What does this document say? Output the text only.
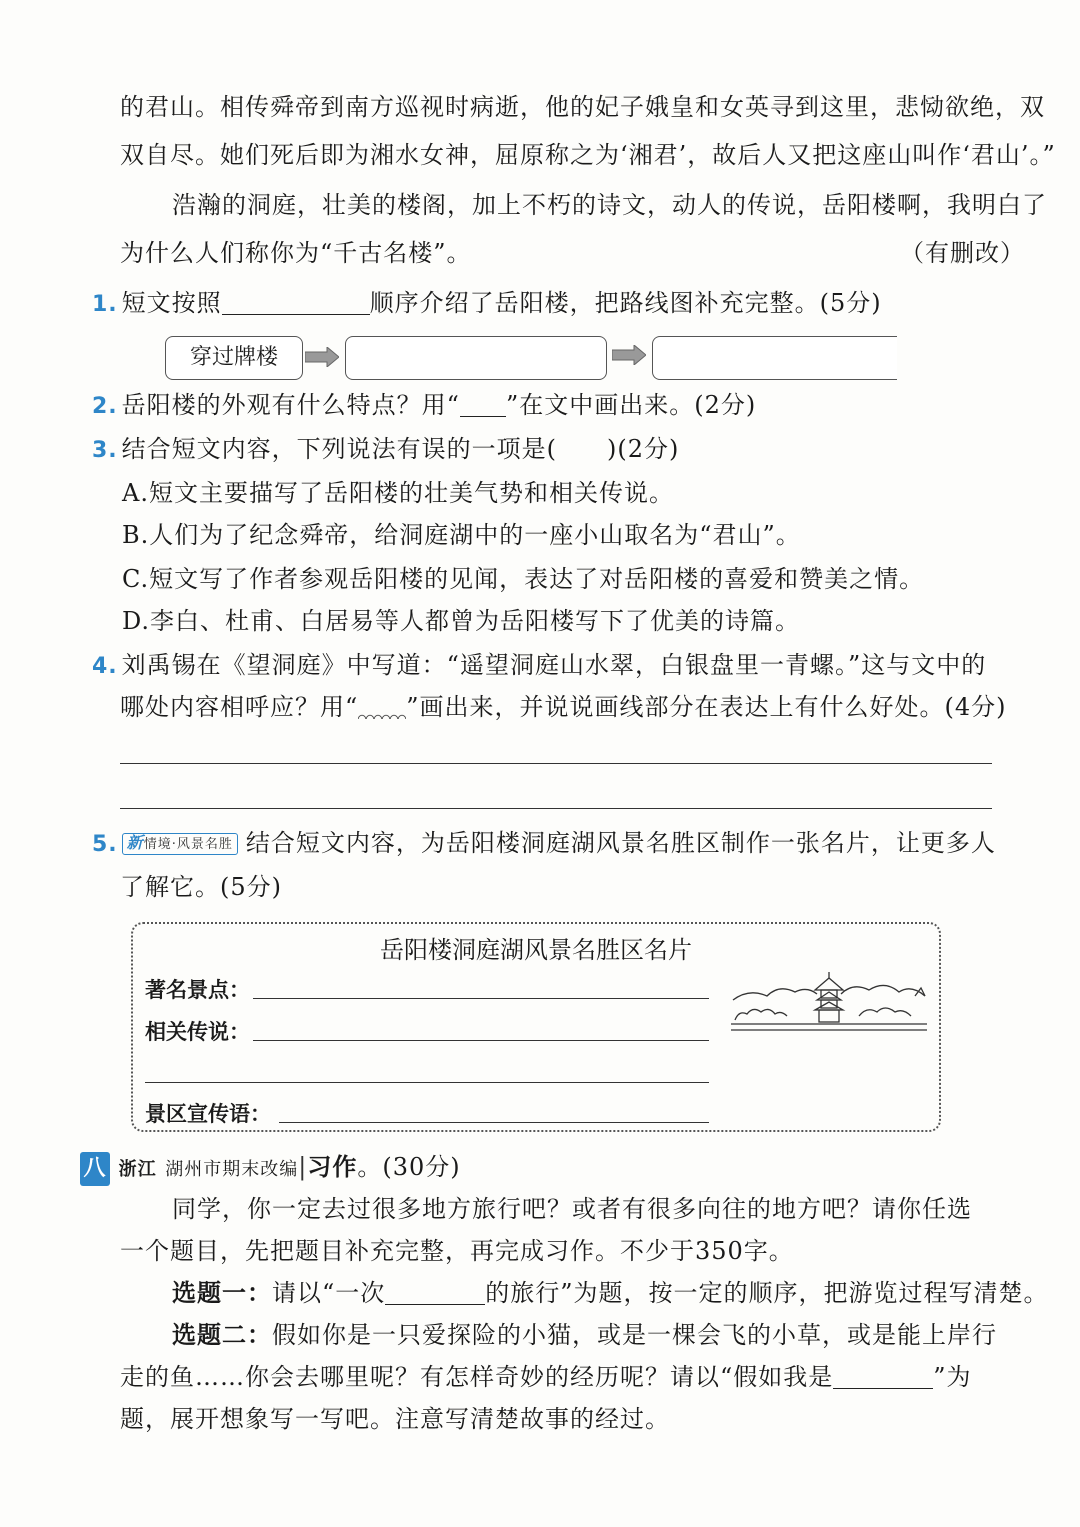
的君山。相传舜帝到南方巡视时病逝，他的妃子娥皇和女英寻到这里，悲恸欲绝，双
双自尽。她们死后即为湘水女神，屈原称之为‘湘君’，故后人又把这座山叫作‘君山’。”
浩瀚的洞庭，壮美的楼阁，加上不朽的诗文，动人的传说，岳阳楼啊，我明白了
为什么人们称你为“千古名楼”。	（有删改）
1. 短文按照	顺序介绍了岳阳楼，把路线图补充完整。(5分)
穿过牌楼
2. 岳阳楼的外观有什么特点？用“ ”在文中画出来。(2分)
3. 结合短文内容，下列说法有误的一项是(　　)(2分)
A.短文主要描写了岳阳楼的壮美气势和相关传说。
B.人们为了纪念舜帝，给洞庭湖中的一座小山取名为“君山”。
C.短文写了作者参观岳阳楼的见闻，表达了对岳阳楼的喜爱和赞美之情。
D.李白、杜甫、白居易等人都曾为岳阳楼写下了优美的诗篇。
4. 刘禹锡在《望洞庭》中写道：“遥望洞庭山水翠，白银盘里一青螺。”这与文中的
哪处内容相呼应？用“ ”画出来，并说说画线部分在表达上有什么好处。(4分)
5. 新情境·风景名胜 结合短文内容，为岳阳楼洞庭湖风景名胜区制作一张名片，让更多人
了解它。(5分)
岳阳楼洞庭湖风景名胜区名片
著名景点：
相关传说：
景区宣传语：
八 浙江 湖州市期末改编|习作。(30分)
同学，你一定去过很多地方旅行吧？或者有很多向往的地方吧？请你任选
一个题目，先把题目补充完整，再完成习作。不少于350字。
选题一：请以“一次	的旅行”为题，按一定的顺序，把游览过程写清楚。
选题二：假如你是一只爱探险的小猫，或是一棵会飞的小草，或是能上岸行
走的鱼……你会去哪里呢？有怎样奇妙的经历呢？请以“假如我是	”为
题，展开想象写一写吧。注意写清楚故事的经过。
